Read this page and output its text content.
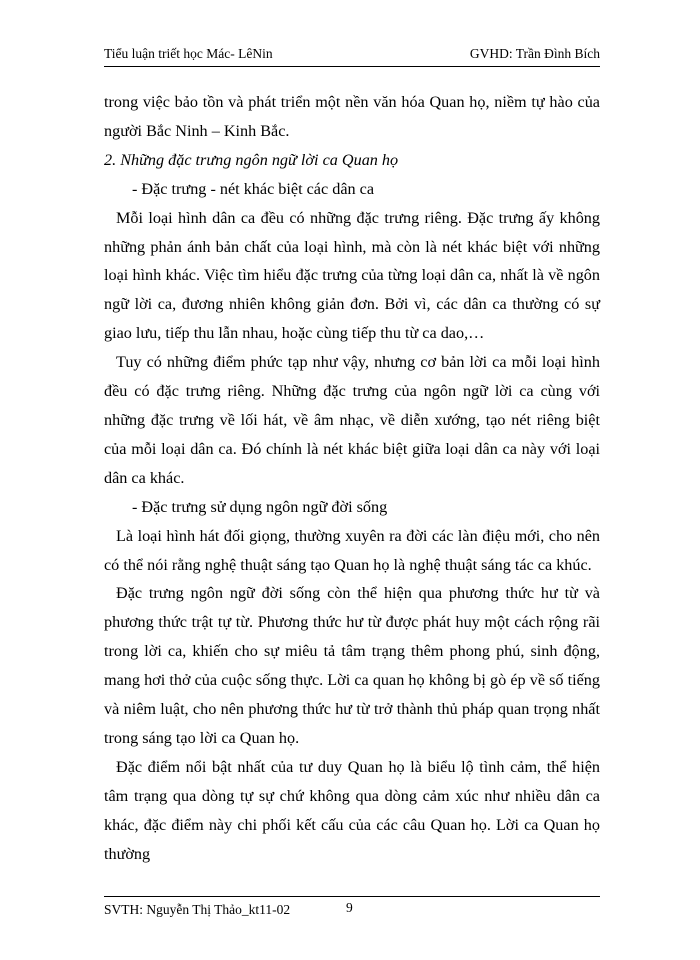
Tiểu luận triết học Mác- LêNin	GVHD: Trần Đình Bích

trong việc bảo tồn và phát triển một nền văn hóa Quan họ, niềm tự hào của người Bắc Ninh – Kinh Bắc.

2. Những đặc trưng ngôn ngữ lời ca Quan họ

- Đặc trưng - nét khác biệt các dân ca

Mỗi loại hình dân ca đều có những đặc trưng riêng. Đặc trưng ấy không những phản ánh bản chất của loại hình, mà còn là nét khác biệt với những loại hình khác. Việc tìm hiểu đặc trưng của từng loại dân ca, nhất là về ngôn ngữ lời ca, đương nhiên không giản đơn. Bởi vì, các dân ca thường có sự giao lưu, tiếp thu lẫn nhau, hoặc cùng tiếp thu từ ca dao,…

Tuy có những điểm phức tạp như vậy, nhưng cơ bản lời ca mỗi loại hình đều có đặc trưng riêng. Những đặc trưng của ngôn ngữ lời ca cùng với những đặc trưng về lối hát, về âm nhạc, về diễn xướng, tạo nét riêng biệt của mỗi loại dân ca. Đó chính là nét khác biệt giữa loại dân ca này với loại dân ca khác.

- Đặc trưng sử dụng ngôn ngữ đời sống

Là loại hình hát đối giọng, thường xuyên ra đời các làn điệu mới, cho nên có thể nói rằng nghệ thuật sáng tạo Quan họ là nghệ thuật sáng tác ca khúc.

Đặc trưng ngôn ngữ đời sống còn thể hiện qua phương thức hư từ và phương thức trật tự từ. Phương thức hư từ được phát huy một cách rộng rãi trong lời ca, khiến cho sự miêu tả tâm trạng thêm phong phú, sinh động, mang hơi thở của cuộc sống thực. Lời ca quan họ không bị gò ép về số tiếng và niêm luật, cho nên phương thức hư từ trở thành thủ pháp quan trọng nhất trong sáng tạo lời ca Quan họ.

Đặc điểm nổi bật nhất của tư duy Quan họ là biểu lộ tình cảm, thể hiện tâm trạng qua dòng tự sự chứ không qua dòng cảm xúc như nhiều dân ca khác, đặc điểm này chi phối kết cấu của các câu Quan họ. Lời ca Quan họ thường

SVTH: Nguyễn Thị Thảo_kt11-02	9
